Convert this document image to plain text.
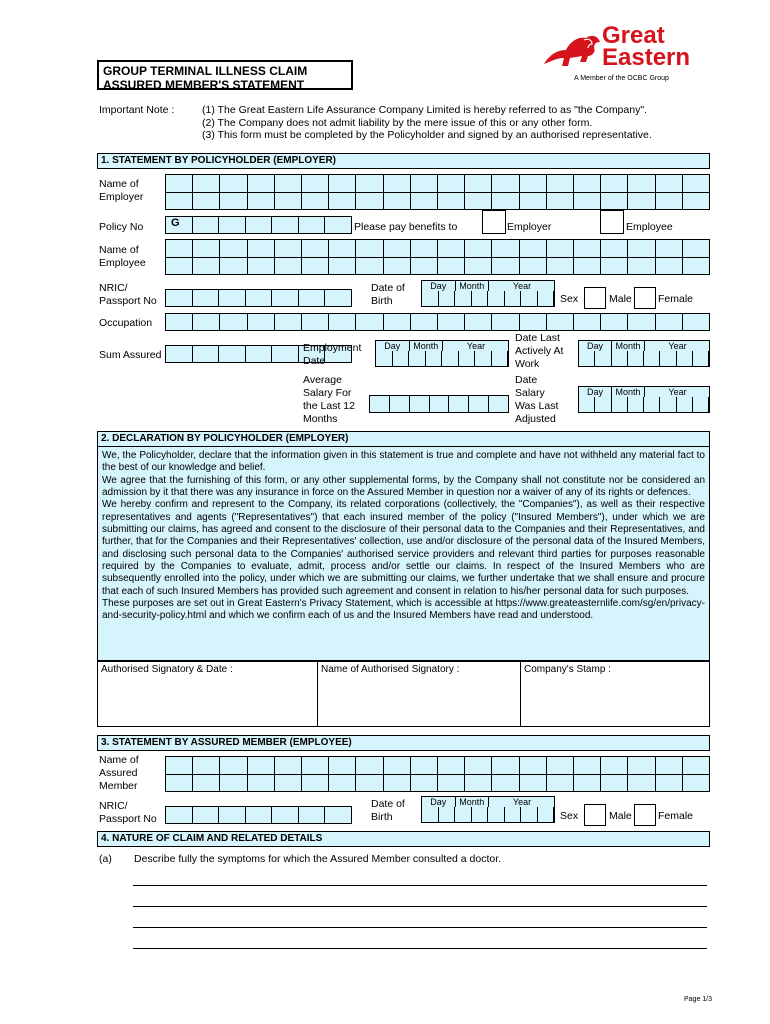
GROUP TERMINAL ILLNESS CLAIM
ASSURED MEMBER'S STATEMENT
Great
Eastern
A Member of the OCBC Group
Important Note :	(1) The Great Eastern Life Assurance Company Limited is hereby referred to as "the Company".
(2) The Company does not admit liability by the mere issue of this or any other form.
(3) This form must be completed by the Policyholder and signed by an authorised representative.
1. STATEMENT BY POLICYHOLDER (EMPLOYER)
Name of Employer
Policy No	G	Please pay benefits to	Employer	Employee
Name of Employee
NRIC/
Passport No
Date of
Birth
Day	Month	Year
Sex	Male Female
Occupation
Sum Assured
Employment
Date
Day	Month	Year
Date Last
Actively At
Work
Day	Month	Year
Average
Salary For
the Last 12
Months
Date
Salary
Was Last
Adjusted
Day	Month	Year
2. DECLARATION BY POLICYHOLDER (EMPLOYER)
We, the Policyholder, declare that the information given in this statement is true and complete and have not withheld any material fact to the best of our knowledge and belief.
We agree that the furnishing of this form, or any other supplemental forms, by the Company shall not constitute nor be considered an admission by it that there was any insurance in force on the Assured Member in question nor a waiver of any of its rights or defences.
We hereby confirm and represent to the Company, its related corporations (collectively, the "Companies"), as well as their respective representatives and agents ("Representatives") that each insured member of the policy ("Insured Members"), under which we are submitting our claims, has agreed and consent to the disclosure of their personal data to the Companies and their Representatives, and further, that for the Companies and their Representatives' collection, use and/or disclosure of the personal data of the Insured Members, and disclosing such personal data to the Companies' authorised service providers and relevant third parties for purposes reasonable required by the Companies to evaluate, admit, process and/or settle our claims. In respect of the Insured Members who are subsequently enrolled into the policy, under which we are submitting our claims, we further undertake that we shall ensure and procure that each of such Insured Members has provided such agreement and consent in relation to his/her personal data for such purposes.
These purposes are set out in Great Eastern's Privacy Statement, which is accessible at https://www.greateasternlife.com/sg/en/privacy-and-security-policy.html and which we confirm each of us and the Insured Members have read and understood.
Authorised Signatory & Date :	Name of Authorised Signatory :	Company's Stamp :
3. STATEMENT BY ASSURED MEMBER (EMPLOYEE)
Name of
Assured
Member
NRIC/
Passport No
Date of
Birth
Day	Month	Year
Sex	Male Female
4. NATURE OF CLAIM AND RELATED DETAILS
(a) Describe fully the symptoms for which the Assured Member consulted a doctor.
Page 1/3
